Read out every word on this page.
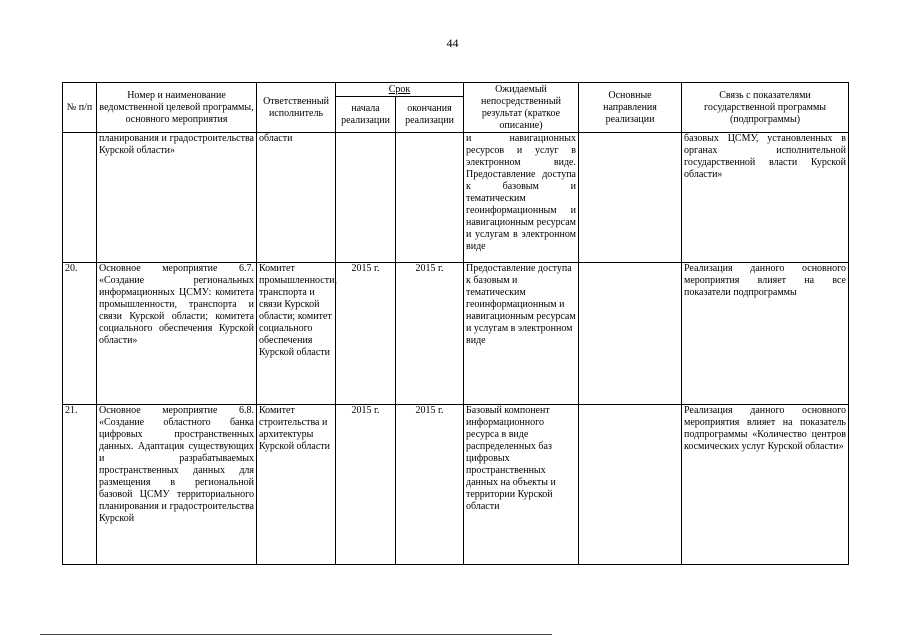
44
№ п/п	Номер и наименование ведомственной целевой программы, основного мероприятия	Ответственный исполнитель	Срок		Ожидаемый непосредственный результат (краткое описание)	Основные направления реализации	Связь с показателями государственной программы (подпрограммы)
			начала реализации	окончания реализации			
	планирования и градостроительства Курской области»	области			и навигационных ресурсов и услуг в электронном виде. Предоставление доступа к базовым и тематическим геоинформационным и навигационным ресурсам и услугам в электронном виде		базовых ЦСМУ, установленных в органах исполнительной государственной власти Курской области»
20.	Основное мероприятие 6.7. «Создание региональных информационных ЦСМУ: комитета промышленности, транспорта и связи Курской области; комитета социального обеспечения Курской области»	Комитет промышленности, транспорта и связи Курской области; комитет социального обеспечения Курской области	2015 г.	2015 г.	Предоставление доступа к базовым и тематическим геоинформационным и навигационным ресурсам и услугам в электронном виде		Реализация данного основного мероприятия влияет на все показатели подпрограммы
21.	Основное мероприятие 6.8. «Создание областного банка цифровых пространственных данных. Адаптация существующих и разрабатываемых пространственных данных для размещения в региональной базовой ЦСМУ территориального планирования и градостроительства Курской	Комитет строительства и архитектуры Курской области	2015 г.	2015 г.	Базовый компонент информационного ресурса в виде распределенных баз цифровых пространственных данных на объекты и территории Курской области		Реализация данного основного мероприятия влияет на показатель подпрограммы «Количество центров космических услуг Курской области»
